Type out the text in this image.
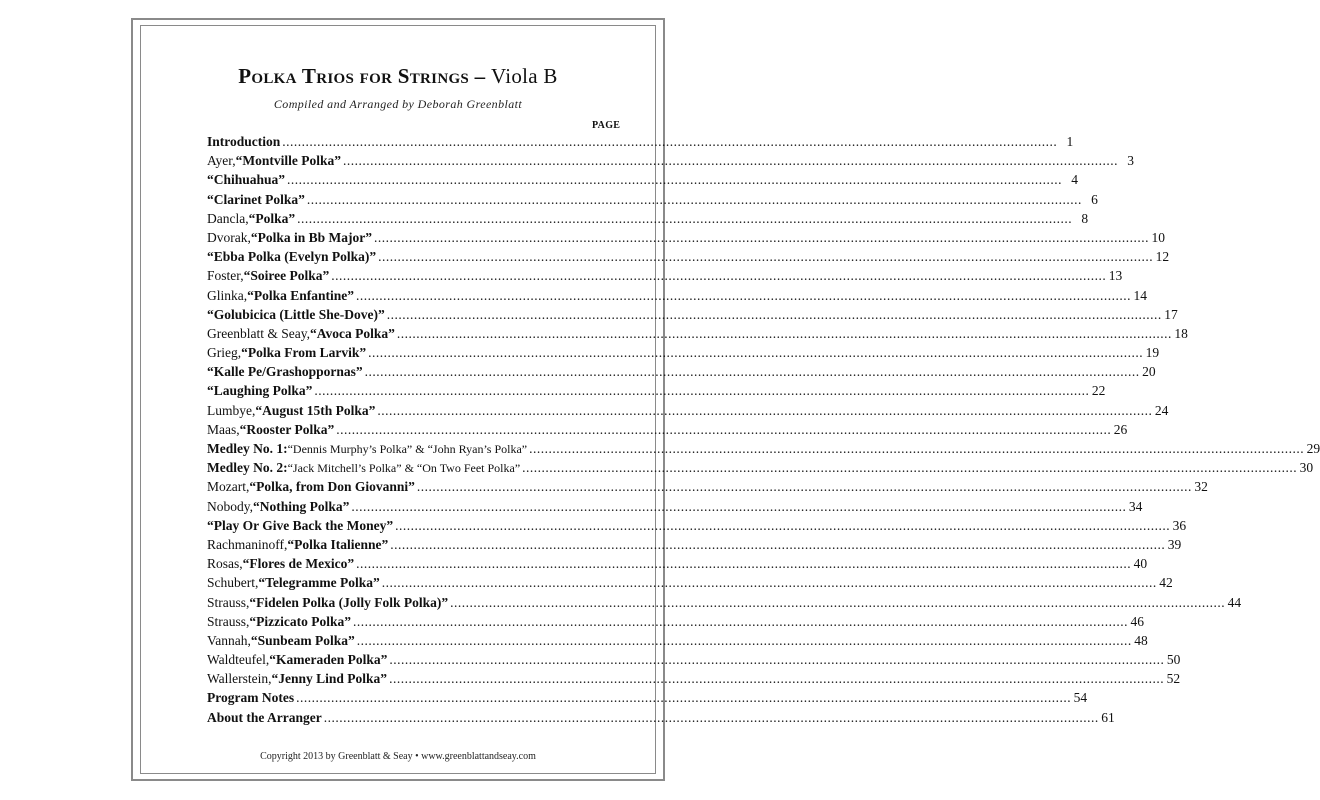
Polka Trios for Strings – Viola B
Compiled and Arranged by Deborah Greenblatt
PAGE
Introduction ........................................................................................................................................................................................................ 1
Ayer, “Montville Polka” ........................................................................................................................................................................................................ 3
“Chihuahua” ........................................................................................................................................................................................................ 4
“Clarinet Polka” ........................................................................................................................................................................................................ 6
Dancla, “Polka” ........................................................................................................................................................................................................ 8
Dvorak, “Polka in Bb Major” ........................................................................................................................................................................................................ 10
“Ebba Polka (Evelyn Polka)” ........................................................................................................................................................................................................ 12
Foster, “Soiree Polka” ........................................................................................................................................................................................................ 13
Glinka, “Polka Enfantine” ........................................................................................................................................................................................................ 14
“Golubicica (Little She-Dove)” ........................................................................................................................................................................................................ 17
Greenblatt & Seay, “Avoca Polka” ........................................................................................................................................................................................................ 18
Grieg, “Polka From Larvik” ........................................................................................................................................................................................................ 19
“Kalle Pe/Grashoppornas” ........................................................................................................................................................................................................ 20
“Laughing Polka” ........................................................................................................................................................................................................ 22
Lumbye, “August 15th Polka” ........................................................................................................................................................................................................ 24
Maas, “Rooster Polka” ........................................................................................................................................................................................................ 26
Medley No. 1: “Dennis Murphy’s Polka” & “John Ryan’s Polka” ........................................................................................................................................................................................................ 29
Medley No. 2: “Jack Mitchell’s Polka” & “On Two Feet Polka” ........................................................................................................................................................................................................ 30
Mozart, “Polka, from Don Giovanni” ........................................................................................................................................................................................................ 32
Nobody, “Nothing Polka” ........................................................................................................................................................................................................ 34
“Play Or Give Back the Money” ........................................................................................................................................................................................................ 36
Rachmaninoff, “Polka Italienne” ........................................................................................................................................................................................................ 39
Rosas, “Flores de Mexico” ........................................................................................................................................................................................................ 40
Schubert, “Telegramme Polka” ........................................................................................................................................................................................................ 42
Strauss, “Fidelen Polka (Jolly Folk Polka)” ........................................................................................................................................................................................................ 44
Strauss, “Pizzicato Polka” ........................................................................................................................................................................................................ 46
Vannah, “Sunbeam Polka” ........................................................................................................................................................................................................ 48
Waldteufel, “Kameraden Polka” ........................................................................................................................................................................................................ 50
Wallerstein, “Jenny Lind Polka” ........................................................................................................................................................................................................ 52
Program Notes ........................................................................................................................................................................................................ 54
About the Arranger ........................................................................................................................................................................................................ 61
Copyright 2013 by Greenblatt & Seay • www.greenblattandseay.com
